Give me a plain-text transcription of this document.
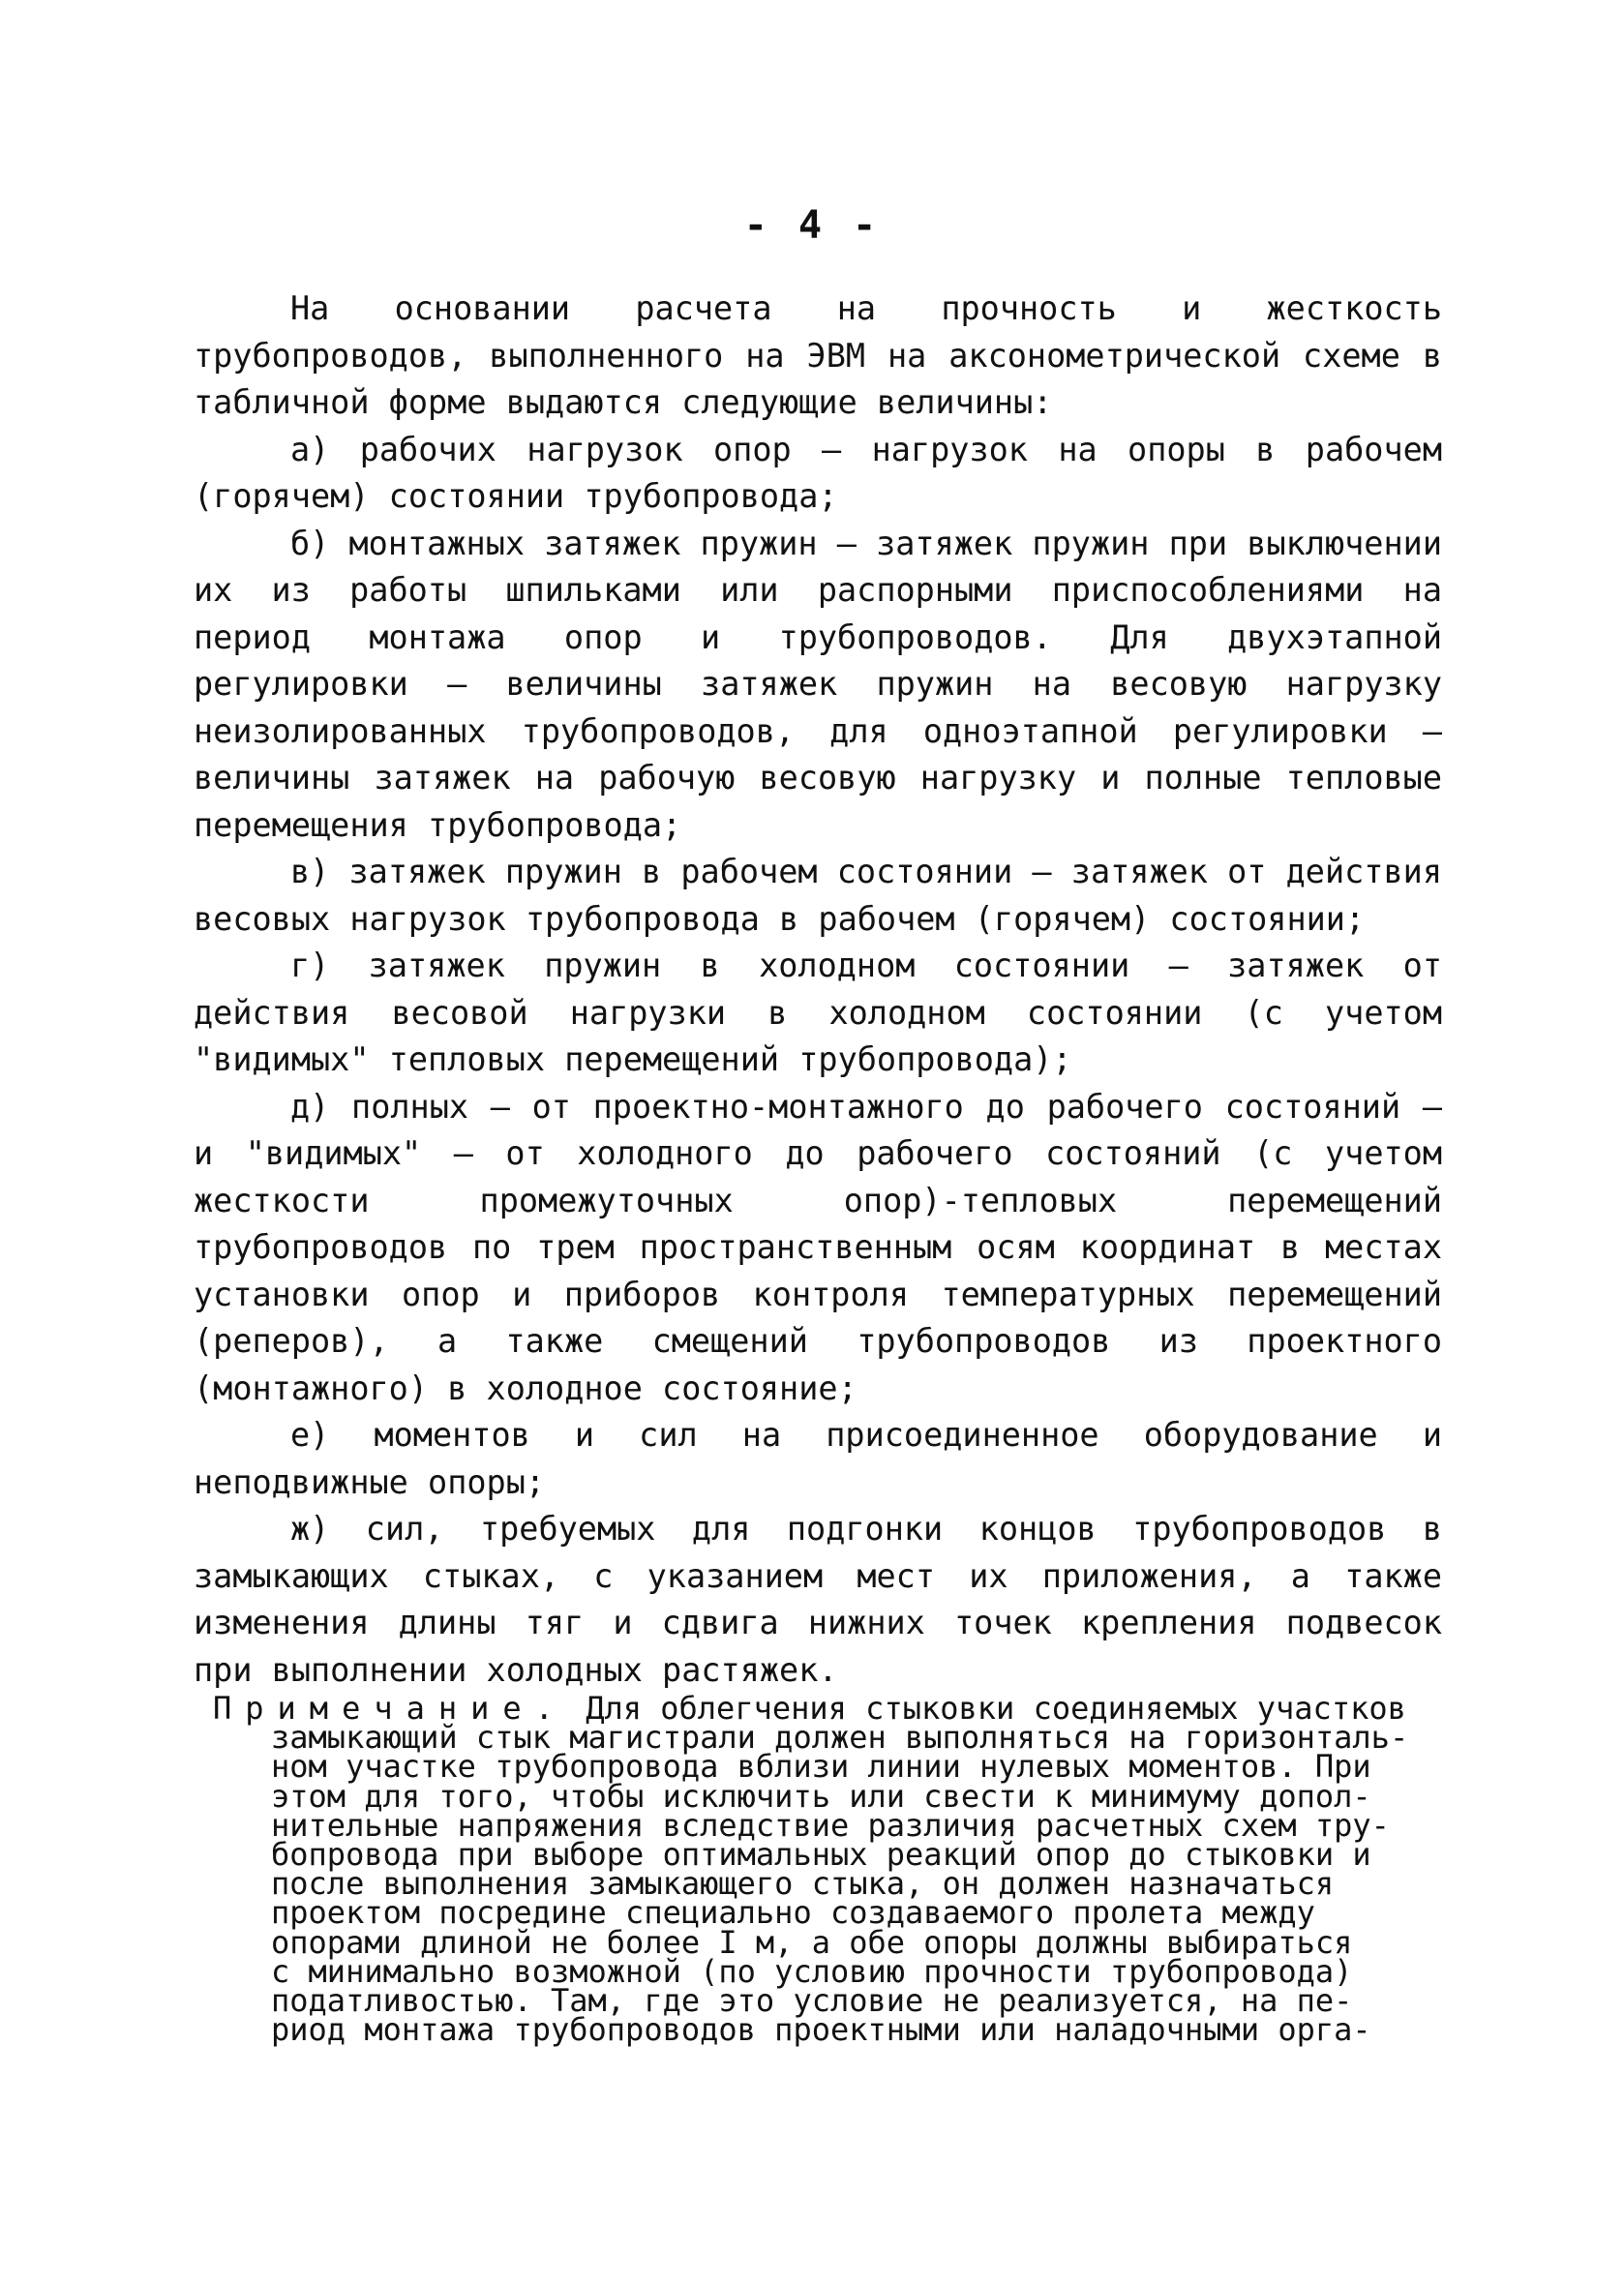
- 4 -

На основании расчета на прочность и жесткость трубопроводов, выполненного на ЭВМ на аксонометрической схеме в табличной форме выдаются следующие величины:

а) рабочих нагрузок опор – нагрузок на опоры в рабочем (горячем) состоянии трубопровода;

б) монтажных затяжек пружин – затяжек пружин при выключении их из работы шпильками или распорными приспособлениями на период монтажа опор и трубопроводов. Для двухэтапной регулировки – величины затяжек пружин на весовую нагрузку неизолированных трубопроводов, для одноэтапной регулировки – величины затяжек на рабочую весовую нагрузку и полные тепловые перемещения трубопровода;

в) затяжек пружин в рабочем состоянии – затяжек от действия весовых нагрузок трубопровода в рабочем (горячем) состоянии;

г) затяжек пружин в холодном состоянии – затяжек от действия весовой нагрузки в холодном состоянии (с учетом "видимых" тепловых перемещений трубопровода);

д) полных – от проектно-монтажного до рабочего состояний – и "видимых" – от холодного до рабочего состояний (с учетом жесткости промежуточных опор)-тепловых перемещений трубопроводов по трем пространственным осям координат в местах установки опор и приборов контроля температурных перемещений (реперов), а также смещений трубопроводов из проектного (монтажного) в холодное состояние;

е) моментов и сил на присоединенное оборудование и неподвижные опоры;

ж) сил, требуемых для подгонки концов трубопроводов в замыкающих стыках, с указанием мест их приложения, а также изменения длины тяг и сдвига нижних точек крепления подвесок при выполнении холодных растяжек.

Примечание. Для облегчения стыковки соединяемых участков
замыкающий стык магистрали должен выполняться на горизонталь-
ном участке трубопровода вблизи линии нулевых моментов. При
этом для того, чтобы исключить или свести к минимуму допол-
нительные напряжения вследствие различия расчетных схем тру-
бопровода при выборе оптимальных реакций опор до стыковки и
после выполнения замыкающего стыка, он должен назначаться
проектом посредине специально создаваемого пролета между
опорами длиной не более I м, а обе опоры должны выбираться
с минимально возможной (по условию прочности трубопровода)
податливостью. Там, где это условие не реализуется, на пе-
риод монтажа трубопроводов проектными или наладочными орга-
